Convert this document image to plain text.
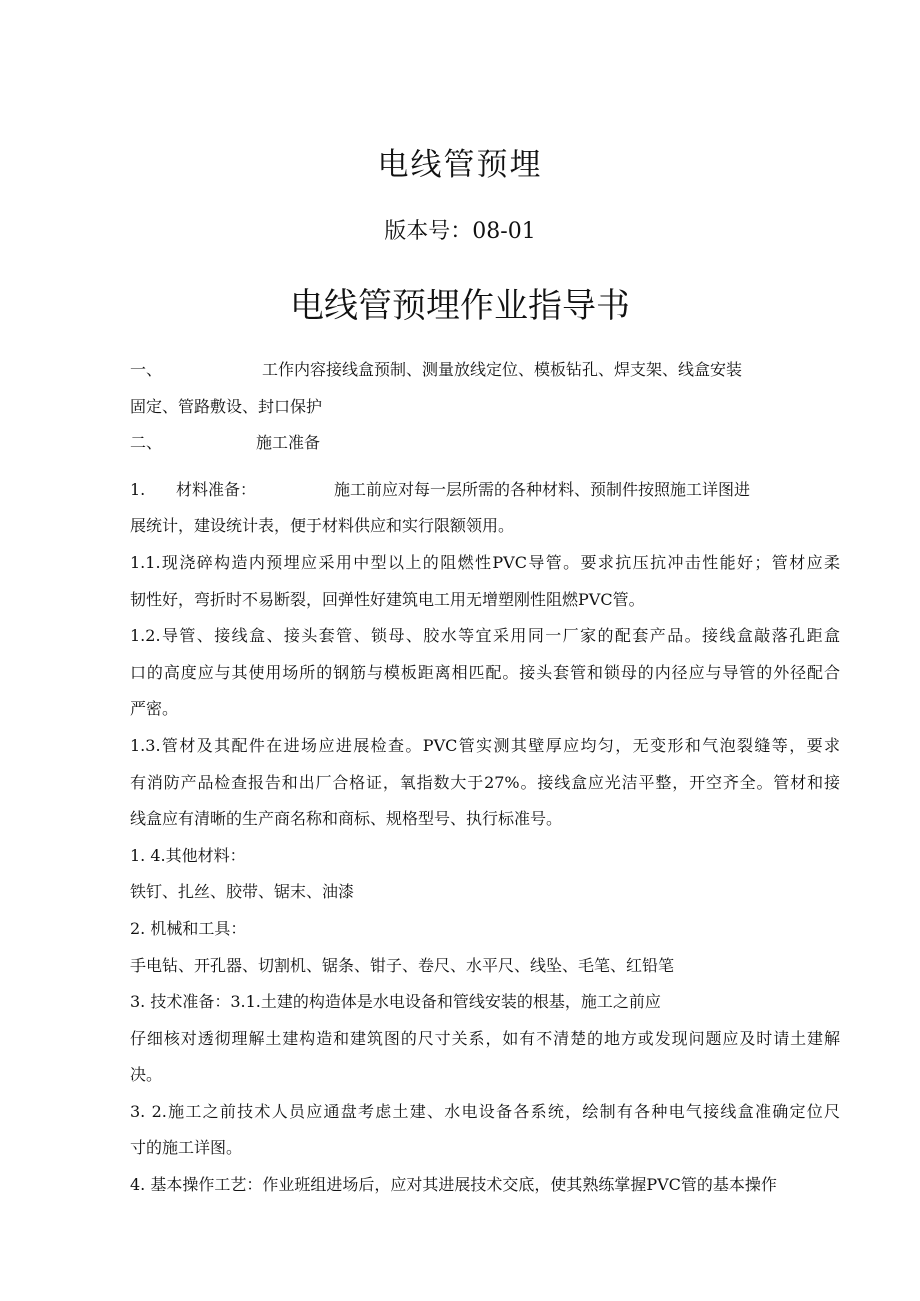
电线管预埋
版本号：08-01
电线管预埋作业指导书
一、	工作内容接线盒预制、测量放线定位、模板钻孔、焊支架、线盒安装
固定、管路敷设、封口保护
二、	施工准备
1. 材料准备：	施工前应对每一层所需的各种材料、预制件按照施工详图进
展统计，建设统计表，便于材料供应和实行限额领用。
1.1.现浇碎构造内预埋应采用中型以上的阻燃性PVC导管。要求抗压抗冲击性能好；管材应柔
韧性好，弯折时不易断裂，回弹性好建筑电工用无增塑刚性阻燃PVC管。
1.2.导管、接线盒、接头套管、锁母、胶水等宜采用同一厂家的配套产品。接线盒敲落孔距盒
口的高度应与其使用场所的钢筋与模板距离相匹配。接头套管和锁母的内径应与导管的外径配合
严密。
1.3.管材及其配件在进场应进展检查。PVC管实测其壁厚应均匀，无变形和气泡裂缝等，要求
有消防产品检查报告和出厂合格证，氧指数大于27%。接线盒应光洁平整，开空齐全。管材和接
线盒应有清晰的生产商名称和商标、规格型号、执行标准号。
1. 4.其他材料：
铁钉、扎丝、胶带、锯末、油漆
2. 机械和工具：
手电钻、开孔器、切割机、锯条、钳子、卷尺、水平尺、线坠、毛笔、红铅笔
3. 技术准备：3.1.土建的构造体是水电设备和管线安装的根基，施工之前应
仔细核对透彻理解土建构造和建筑图的尺寸关系，如有不清楚的地方或发现问题应及时请土建解
决。
3. 2.施工之前技术人员应通盘考虑土建、水电设备各系统，绘制有各种电气接线盒准确定位尺
寸的施工详图。
4. 基本操作工艺：作业班组进场后，应对其进展技术交底，使其熟练掌握PVC管的基本操作
